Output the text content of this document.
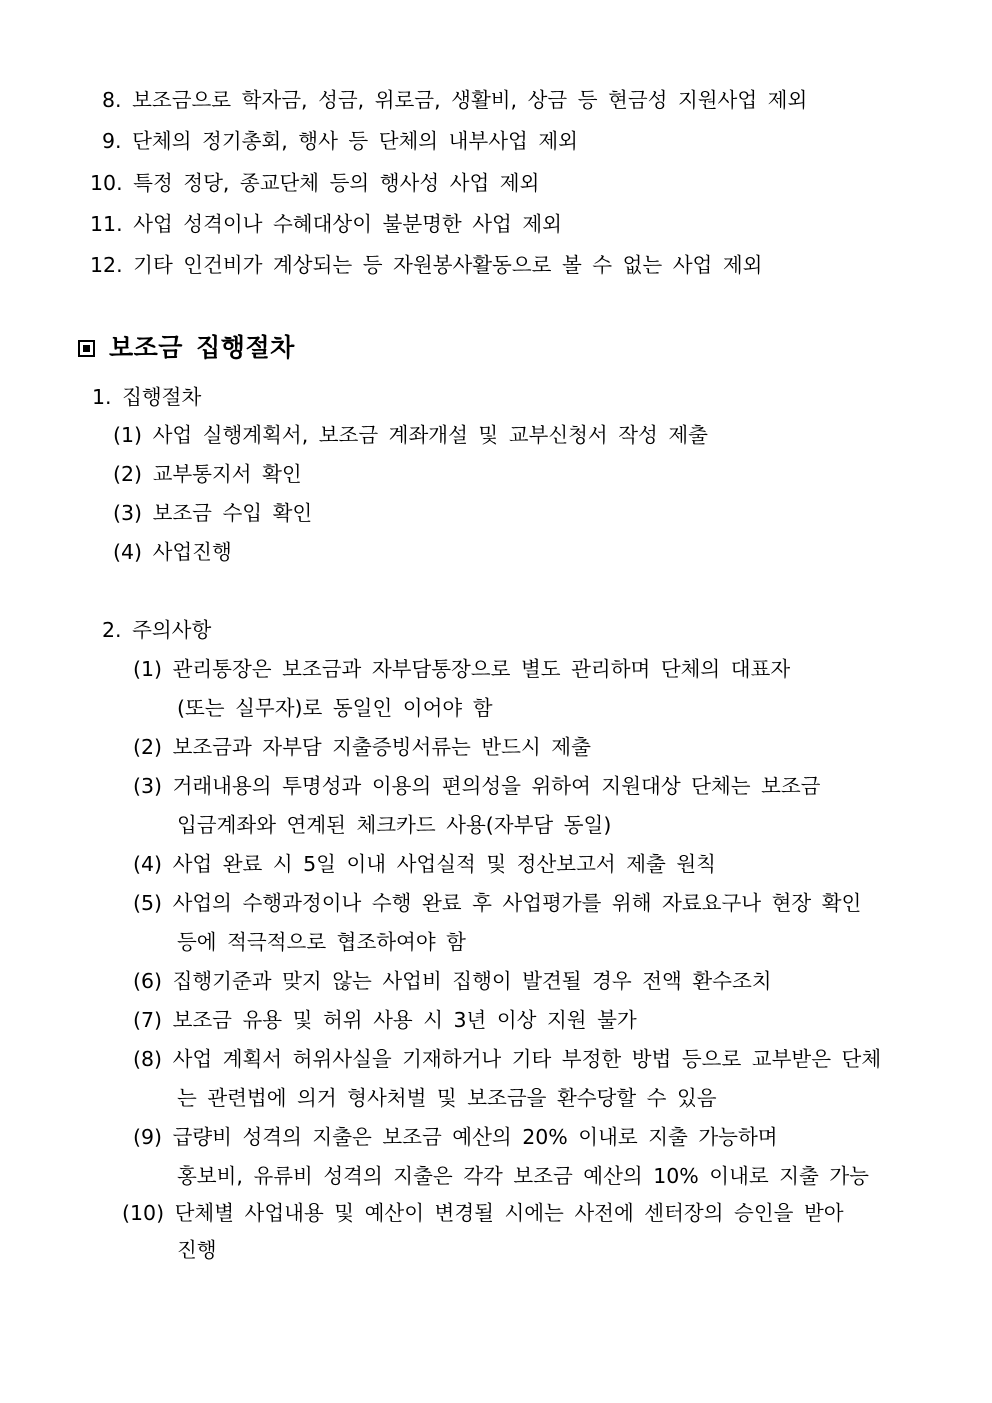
8. 보조금으로 학자금, 성금, 위로금, 생활비, 상금 등 현금성 지원사업 제외
9. 단체의 정기총회, 행사 등 단체의 내부사업 제외
10. 특정 정당, 종교단체 등의 행사성 사업 제외
11. 사업 성격이나 수혜대상이 불분명한 사업 제외
12. 기타 인건비가 계상되는 등 자원봉사활동으로 볼 수 없는 사업 제외
보조금 집행절차
1. 집행절차
(1) 사업 실행계획서, 보조금 계좌개설 및 교부신청서 작성 제출
(2) 교부통지서 확인
(3) 보조금 수입 확인
(4) 사업진행
2. 주의사항
(1) 관리통장은 보조금과 자부담통장으로 별도 관리하며 단체의 대표자
(또는 실무자)로 동일인 이어야 함
(2) 보조금과 자부담 지출증빙서류는 반드시 제출
(3) 거래내용의 투명성과 이용의 편의성을 위하여 지원대상 단체는 보조금
입금계좌와 연계된 체크카드 사용(자부담 동일)
(4) 사업 완료 시 5일 이내 사업실적 및 정산보고서 제출 원칙
(5) 사업의 수행과정이나 수행 완료 후 사업평가를 위해 자료요구나 현장 확인
등에 적극적으로 협조하여야 함
(6) 집행기준과 맞지 않는 사업비 집행이 발견될 경우 전액 환수조치
(7) 보조금 유용 및 허위 사용 시 3년 이상 지원 불가
(8) 사업 계획서 허위사실을 기재하거나 기타 부정한 방법 등으로 교부받은 단체
는 관련법에 의거 형사처벌 및 보조금을 환수당할 수 있음
(9) 급량비 성격의 지출은 보조금 예산의 20% 이내로 지출 가능하며
홍보비, 유류비 성격의 지출은 각각 보조금 예산의 10% 이내로 지출 가능
(10) 단체별 사업내용 및 예산이 변경될 시에는 사전에 센터장의 승인을 받아
진행
